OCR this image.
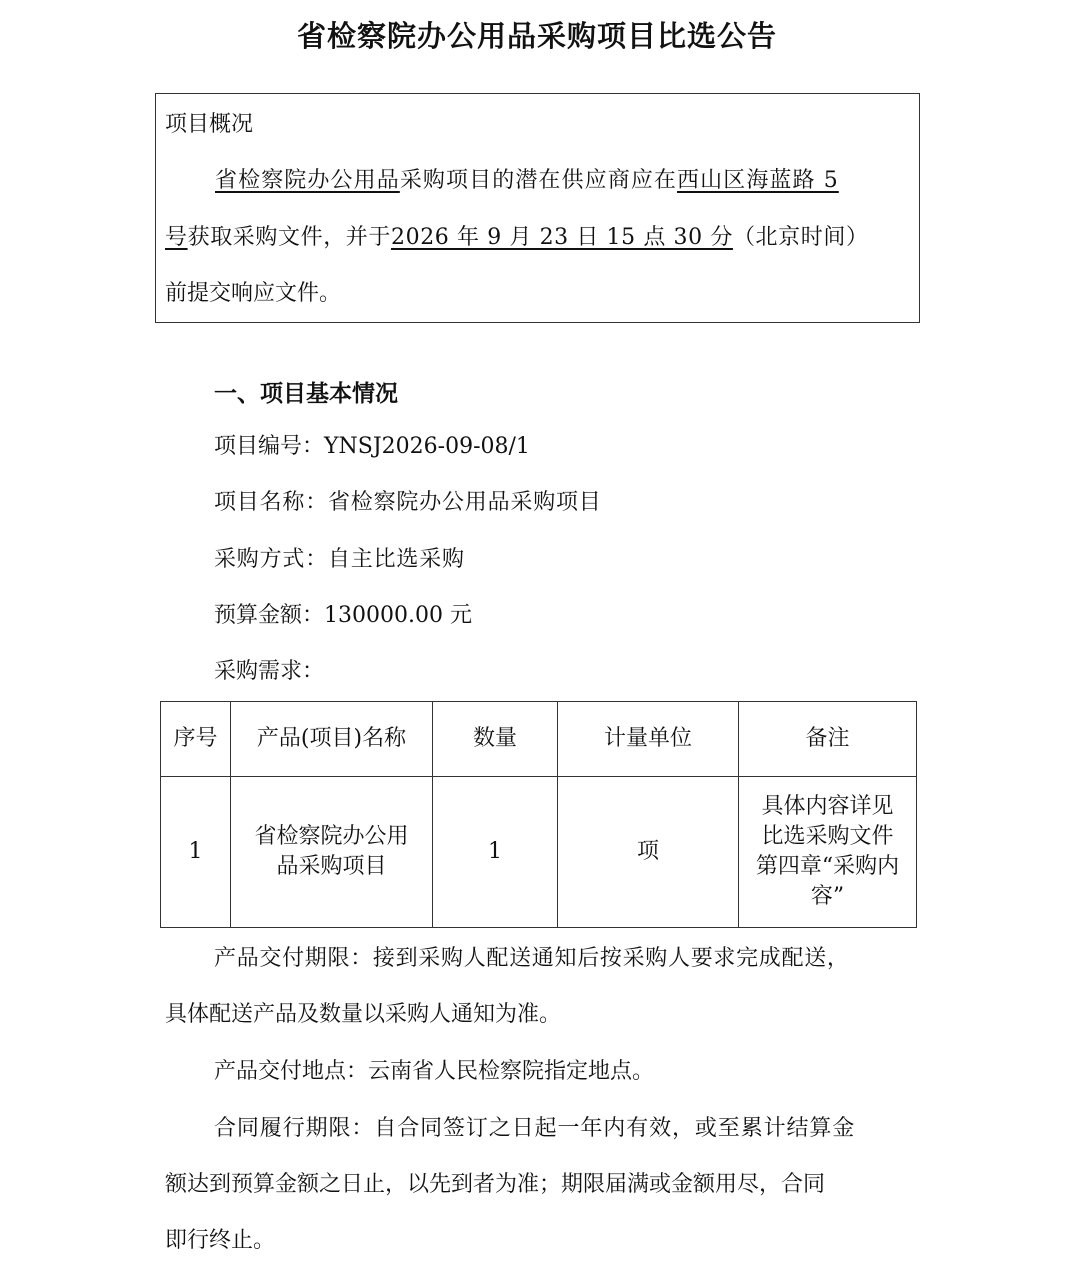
省检察院办公用品采购项目比选公告
项目概况
省检察院办公用品采购项目的潜在供应商应在西山区海蓝路 5
号获取采购文件，并于2026 年 9 月 23 日 15 点 30 分（北京时间）
前提交响应文件。
一、项目基本情况
项目编号：YNSJ2026-09-08/1
项目名称：省检察院办公用品采购项目
采购方式：自主比选采购
预算金额：130000.00 元
采购需求：
序号	产品(项目)名称	数量	计量单位	备注
1	省检察院办公用品采购项目	1	项	具体内容详见比选采购文件第四章“采购内容”
产品交付期限：接到采购人配送通知后按采购人要求完成配送，
具体配送产品及数量以采购人通知为准。
产品交付地点：云南省人民检察院指定地点。
合同履行期限：自合同签订之日起一年内有效，或至累计结算金
额达到预算金额之日止，以先到者为准；期限届满或金额用尽，合同
即行终止。
